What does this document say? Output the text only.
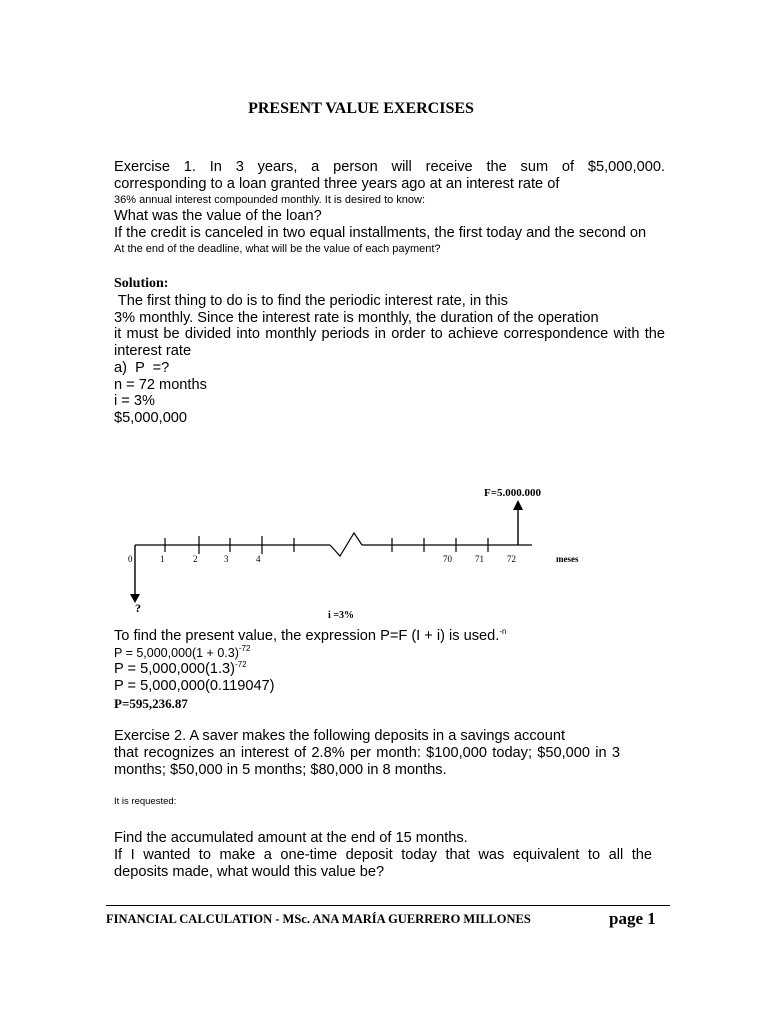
PRESENT VALUE EXERCISES
Exercise 1. In 3 years, a person will receive the sum of $5,000,000.
corresponding to a loan granted three years ago at an interest rate of
36% annual interest compounded monthly. It is desired to know:
What was the value of the loan?
If the credit is canceled in two equal installments, the first today and the second on
At the end of the deadline, what will be the value of each payment?
Solution:
The first thing to do is to find the periodic interest rate, in this
3% monthly. Since the interest rate is monthly, the duration of the operation
it must be divided into monthly periods in order to achieve correspondence with the
interest rate
a)  P  =?
n = 72 months
i = 3%
$5,000,000
F=5.000.000
0	1	2	3	4	70	71	72	meses
?
i =3%
To find the present value, the expression P=F (I + i) is used.$^{-n}$
$P = 5,000,000(1 + 0.3)^{-72}$
$P = 5,000,000(1.3)^{-72}$
P = 5,000,000(0.119047)
P=595,236.87
Exercise 2. A saver makes the following deposits in a savings account
that recognizes an interest of 2.8% per month: $100,000 today; $50,000 in 3
months; $50,000 in 5 months; $80,000 in 8 months.
It is requested:
Find the accumulated amount at the end of 15 months.
If I wanted to make a one-time deposit today that was equivalent to all the
deposits made, what would this value be?
FINANCIAL CALCULATION - MSc. ANA MARÍA GUERRERO MILLONES	page 1
